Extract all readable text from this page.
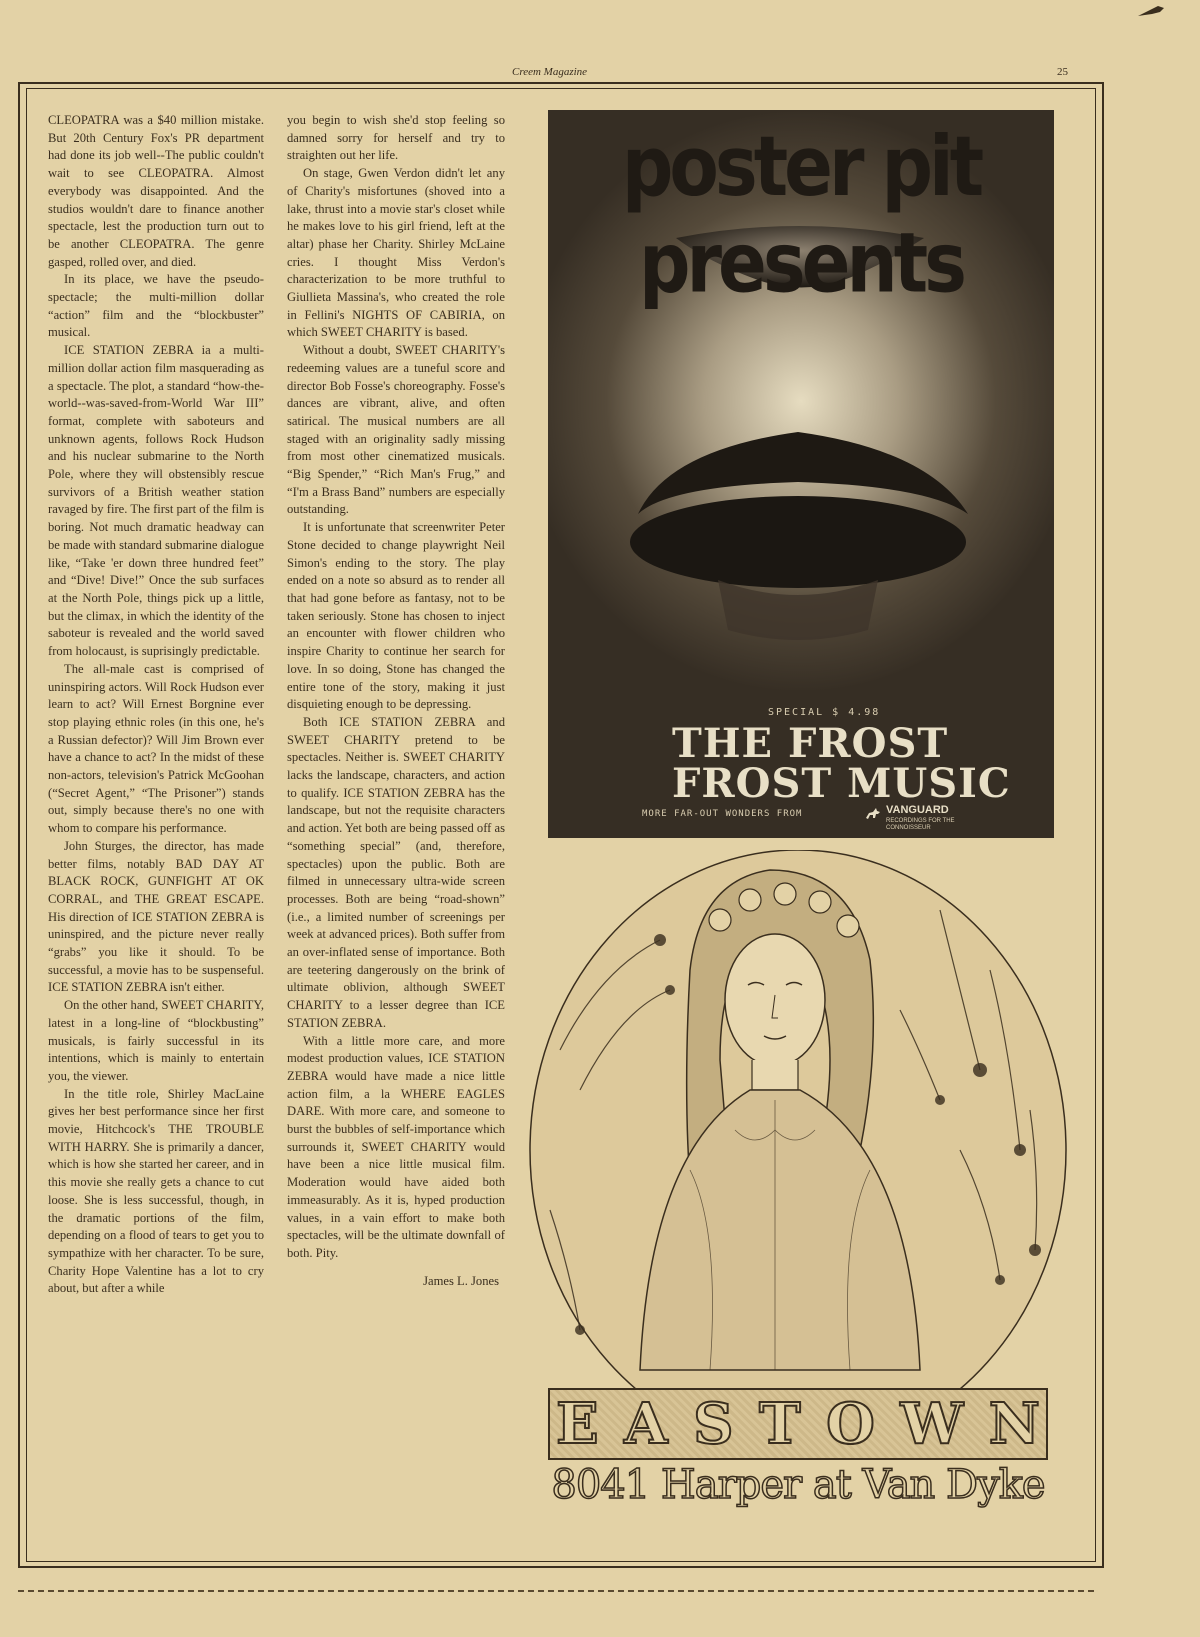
Creem Magazine	25

CLEOPATRA was a $40 million mistake. But 20th Century Fox's PR department had done its job well--The public couldn't wait to see CLEOPATRA. Almost everybody was disappointed. And the studios wouldn't dare to finance another spectacle, lest the production turn out to be another CLEOPATRA. The genre gasped, rolled over, and died.

In its place, we have the pseudo-spectacle; the multi-million dollar “action” film and the “blockbuster” musical.

ICE STATION ZEBRA ia a multi-million dollar action film masquerading as a spectacle. The plot, a standard “how-the-world--was-saved-from-World War III” format, complete with saboteurs and unknown agents, follows Rock Hudson and his nuclear submarine to the North Pole, where they will obstensibly rescue survivors of a British weather station ravaged by fire. The first part of the film is boring. Not much dramatic headway can be made with standard submarine dialogue like, “Take 'er down three hundred feet” and “Dive! Dive!” Once the sub surfaces at the North Pole, things pick up a little, but the climax, in which the identity of the saboteur is revealed and the world saved from holocaust, is suprisingly predictable.

The all-male cast is comprised of uninspiring actors. Will Rock Hudson ever learn to act? Will Ernest Borgnine ever stop playing ethnic roles (in this one, he's a Russian defector)? Will Jim Brown ever have a chance to act? In the midst of these non-actors, television's Patrick McGoohan (“Secret Agent,” “The Prisoner”) stands out, simply because there's no one with whom to compare his performance.

John Sturges, the director, has made better films, notably BAD DAY AT BLACK ROCK, GUNFIGHT AT OK CORRAL, and THE GREAT ESCAPE. His direction of ICE STATION ZEBRA is uninspired, and the picture never really “grabs” you like it should. To be successful, a movie has to be suspenseful. ICE STATION ZEBRA isn't either.

On the other hand, SWEET CHARITY, latest in a long-line of “blockbusting” musicals, is fairly successful in its intentions, which is mainly to entertain you, the viewer.

In the title role, Shirley MacLaine gives her best performance since her first movie, Hitchcock's THE TROUBLE WITH HARRY. She is primarily a dancer, which is how she started her career, and in this movie she really gets a chance to cut loose. She is less successful, though, in the dramatic portions of the film, depending on a flood of tears to get you to sympathize with her character. To be sure, Charity Hope Valentine has a lot to cry about, but after a while

you begin to wish she'd stop feeling so damned sorry for herself and try to straighten out her life.

On stage, Gwen Verdon didn't let any of Charity's misfortunes (shoved into a lake, thrust into a movie star's closet while he makes love to his girl friend, left at the altar) phase her Charity. Shirley McLaine cries. I thought Miss Verdon's characterization to be more truthful to Giullieta Massina's, who created the role in Fellini's NIGHTS OF CABIRIA, on which SWEET CHARITY is based.

Without a doubt, SWEET CHARITY's redeeming values are a tuneful score and director Bob Fosse's choreography. Fosse's dances are vibrant, alive, and often satirical. The musical numbers are all staged with an originality sadly missing from most other cinematized musicals. “Big Spender,” “Rich Man's Frug,” and “I'm a Brass Band” numbers are especially outstanding.

It is unfortunate that screenwriter Peter Stone decided to change playwright Neil Simon's ending to the story. The play ended on a note so absurd as to render all that had gone before as fantasy, not to be taken seriously. Stone has chosen to inject an encounter with flower children who inspire Charity to continue her search for love. In so doing, Stone has changed the entire tone of the story, making it just disquieting enough to be depressing.

Both ICE STATION ZEBRA and SWEET CHARITY pretend to be spectacles. Neither is. SWEET CHARITY lacks the landscape, characters, and action to qualify. ICE STATION ZEBRA has the landscape, but not the requisite characters and action. Yet both are being passed off as “something special” (and, therefore, spectacles) upon the public. Both are filmed in unnecessary ultra-wide screen processes. Both are being “road-shown” (i.e., a limited number of screenings per week at advanced prices). Both suffer from an over-inflated sense of importance. Both are teetering dangerously on the brink of ultimate oblivion, although SWEET CHARITY to a lesser degree than ICE STATION ZEBRA.

With a little more care, and more modest production values, ICE STATION ZEBRA would have made a nice little action film, a la WHERE EAGLES DARE. With more care, and someone to burst the bubbles of self-importance which surrounds it, SWEET CHARITY would have been a nice little musical film. Moderation would have aided both immeasurably. As it is, hyped production values, in a vain effort to make both spectacles, will be the ultimate downfall of both. Pity.

James L. Jones

poster pit presents
SPECIAL $ 4.98
THE FROST
FROST MUSIC
MORE FAR-OUT WONDERS FROM	VANGUARD
RECORDINGS FOR THE CONNOISSEUR
E A S T O W N
8041 Harper at Van Dyke
